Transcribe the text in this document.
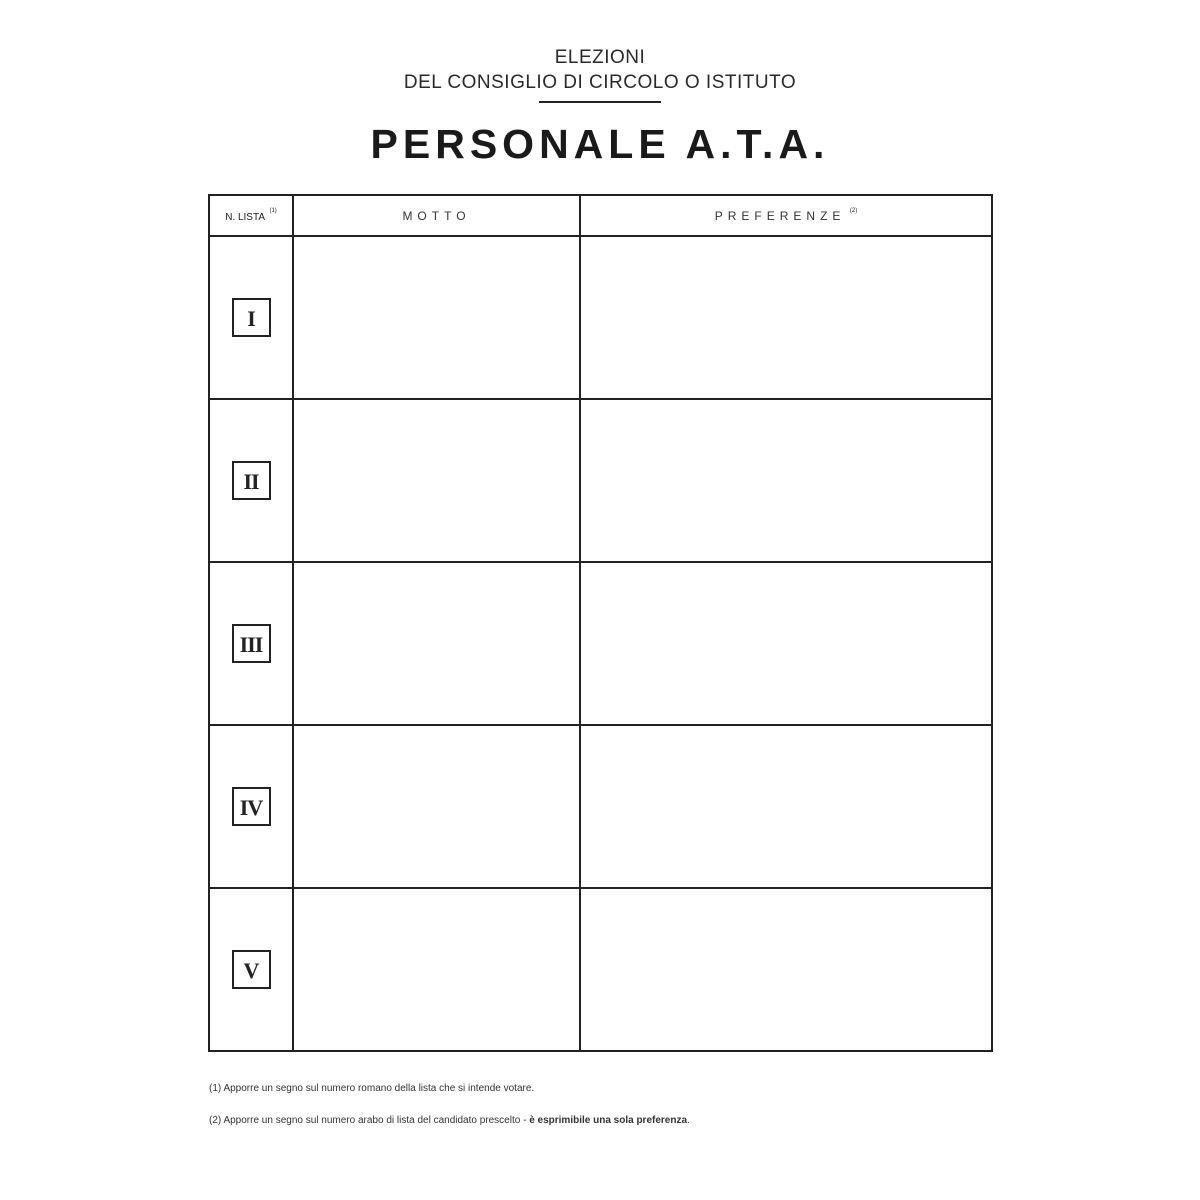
ELEZIONI
DEL CONSIGLIO DI CIRCOLO O ISTITUTO
PERSONALE A.T.A.
N. LISTA $^{(1)}$	MOTTO	PREFERENZE $^{(2)}$
I		
II		
III		
IV		
V		
(1) Apporre un segno sul numero romano della lista che si intende votare.
(2) Apporre un segno sul numero arabo di lista del candidato prescelto - è esprimibile una sola preferenza.
